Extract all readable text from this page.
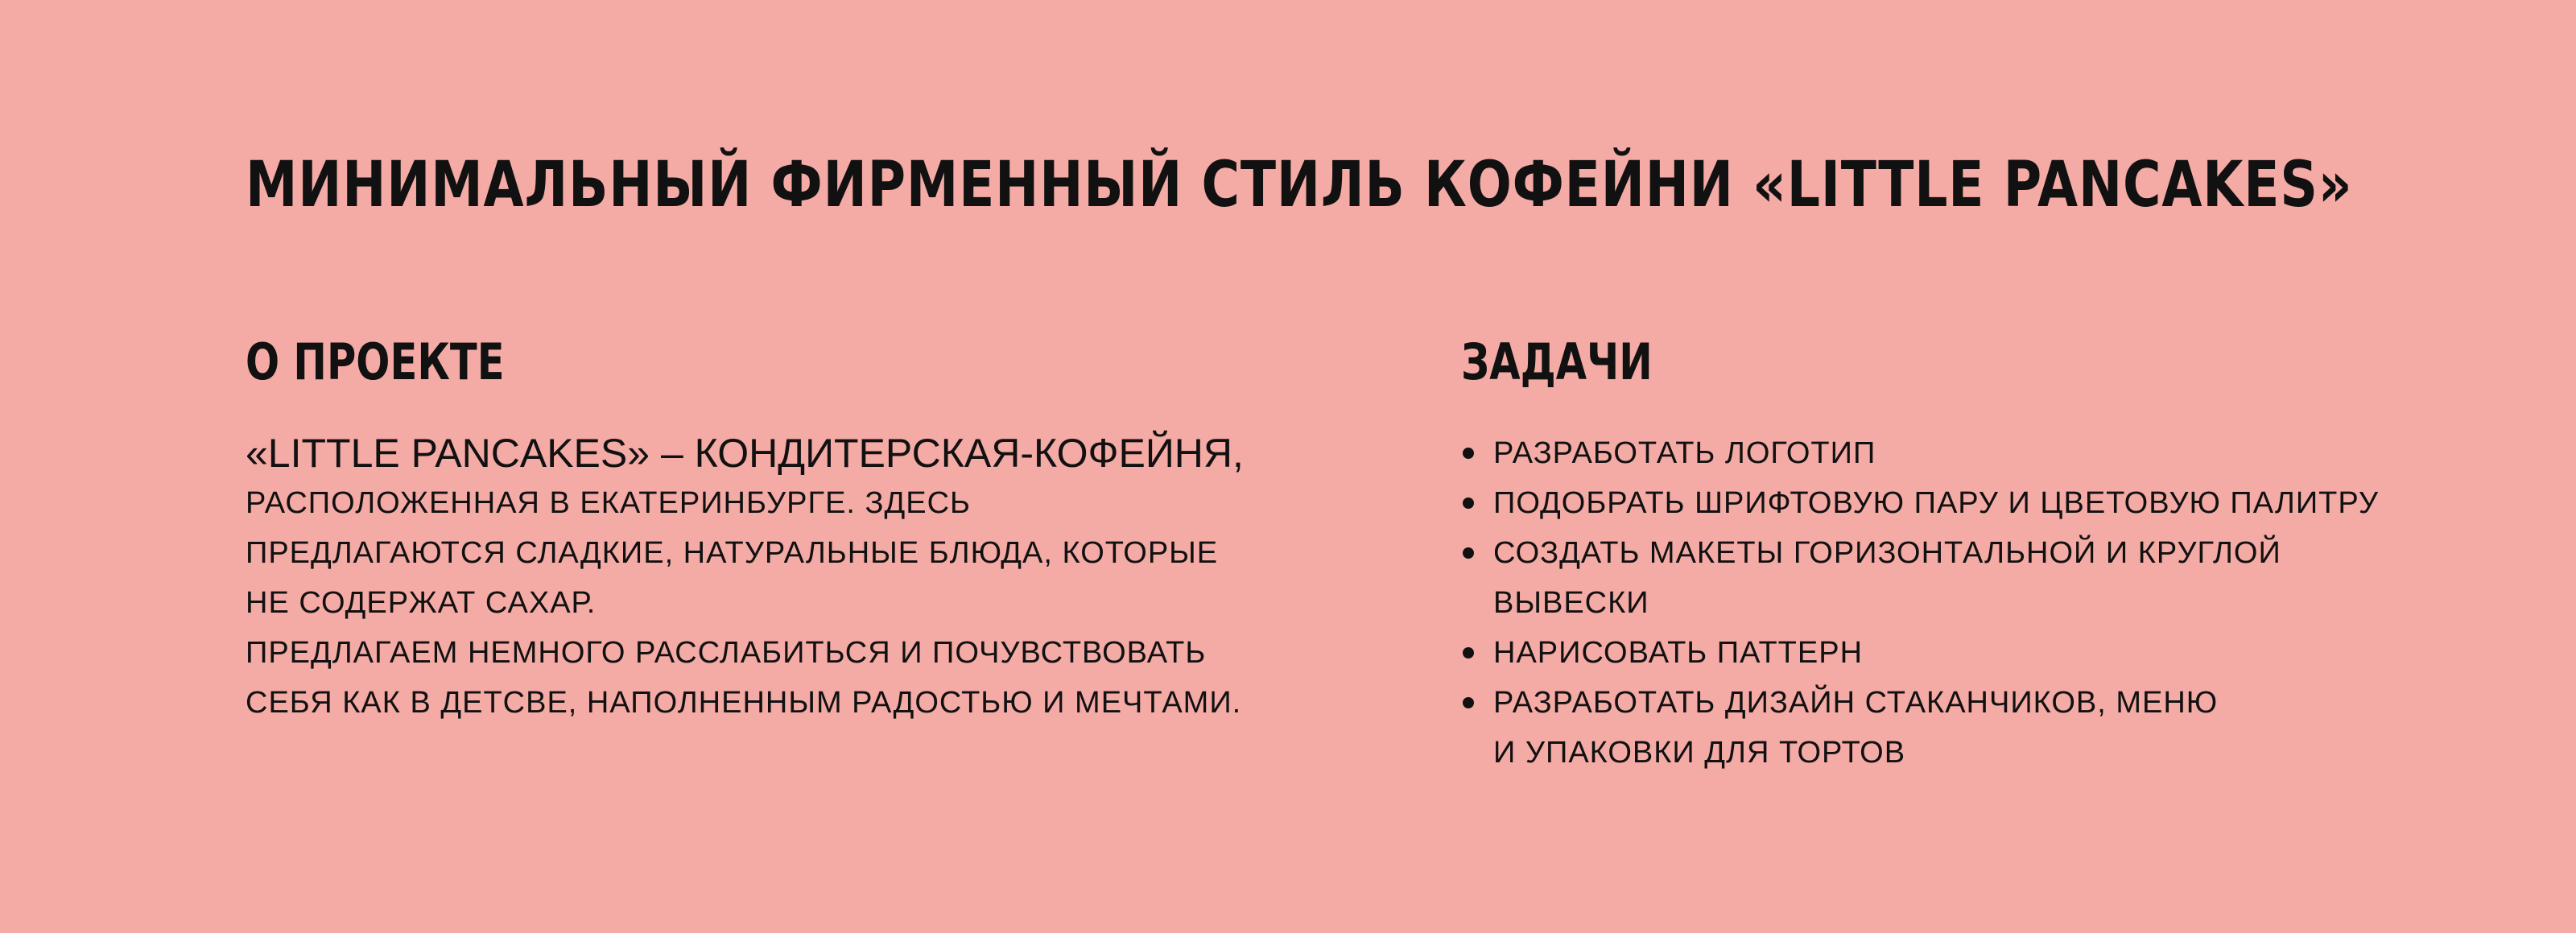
МИНИМАЛЬНЫЙ ФИРМЕННЫЙ СТИЛЬ КОФЕЙНИ «LITTLE PANCAKES»
О ПРОЕКТЕ
«LITTLE PANCAKES» – КОНДИТЕРСКАЯ-КОФЕЙНЯ,
РАСПОЛОЖЕННАЯ В ЕКАТЕРИНБУРГЕ. ЗДЕСЬ
ПРЕДЛАГАЮТСЯ СЛАДКИЕ, НАТУРАЛЬНЫЕ БЛЮДА, КОТОРЫЕ
НЕ СОДЕРЖАТ САХАР.
ПРЕДЛАГАЕМ НЕМНОГО РАССЛАБИТЬСЯ И ПОЧУВСТВОВАТЬ
СЕБЯ КАК В ДЕТСВЕ, НАПОЛНЕННЫМ РАДОСТЬЮ И МЕЧТАМИ.
ЗАДАЧИ
РАЗРАБОТАТЬ ЛОГОТИП
ПОДОБРАТЬ ШРИФТОВУЮ ПАРУ И ЦВЕТОВУЮ ПАЛИТРУ
СОЗДАТЬ МАКЕТЫ ГОРИЗОНТАЛЬНОЙ И КРУГЛОЙ
ВЫВЕСКИ
НАРИСОВАТЬ ПАТТЕРН
РАЗРАБОТАТЬ ДИЗАЙН СТАКАНЧИКОВ, МЕНЮ
И УПАКОВКИ ДЛЯ ТОРТОВ
